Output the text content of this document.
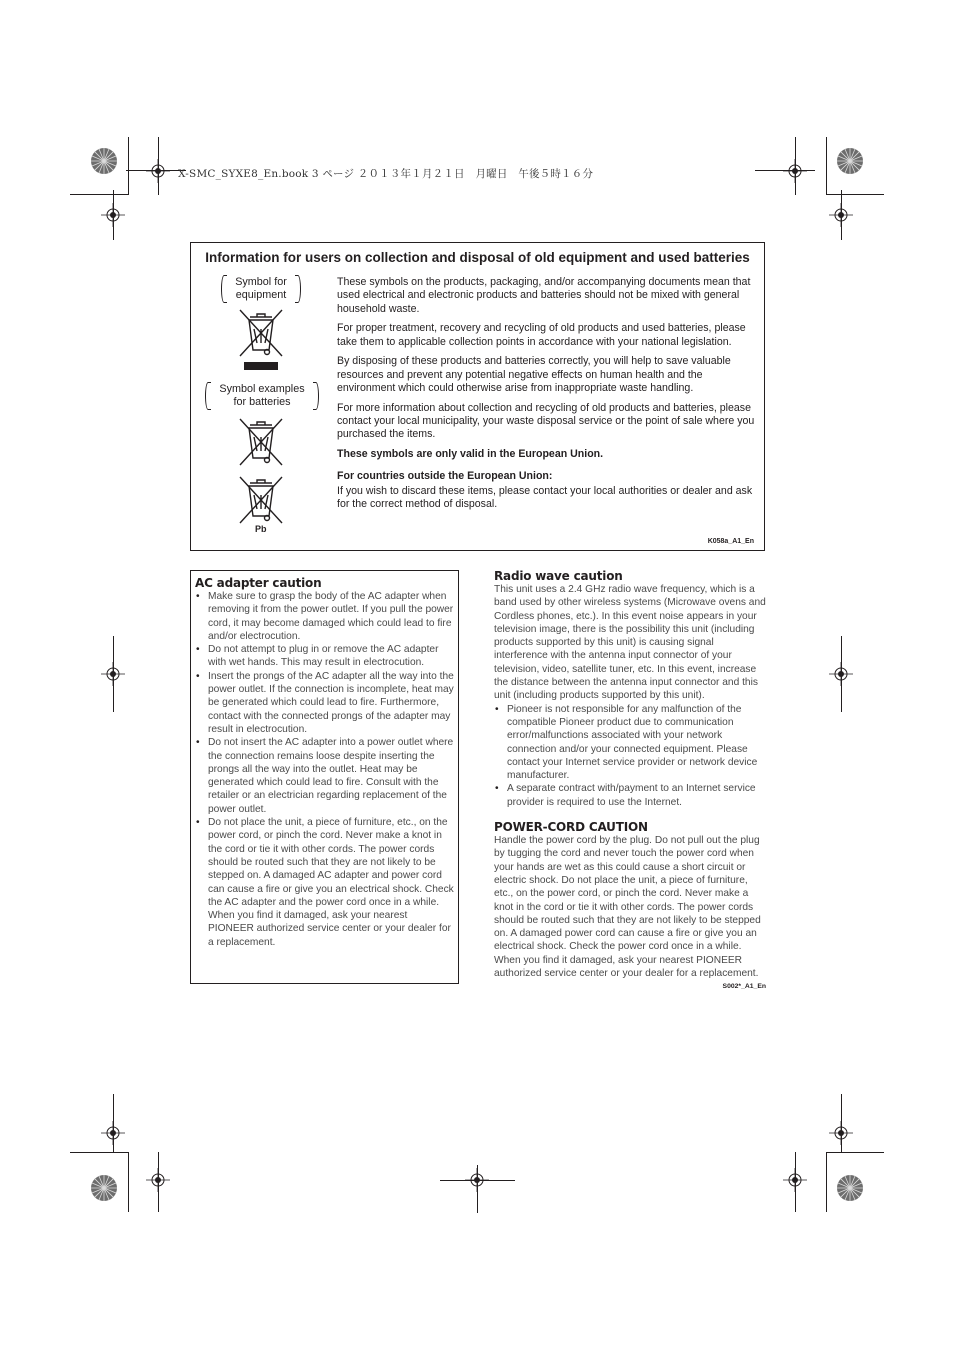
X-SMC_SYXE8_En.book 3 ページ ２０１３年１月２１日　月曜日　午後５時１６分
Information for users on collection and disposal of old equipment and used batteries
Symbol for
equipment
Symbol examples
for batteries
Pb

These symbols on the products, packaging, and/or accompanying documents mean that used electrical and electronic products and batteries should not be mixed with general household waste.

For proper treatment, recovery and recycling of old products and used batteries, please take them to applicable collection points in accordance with your national legislation.

By disposing of these products and batteries correctly, you will help to save valuable resources and prevent any potential negative effects on human health and the environment which could otherwise arise from inappropriate waste handling.

For more information about collection and recycling of old products and batteries, please contact your local municipality, your waste disposal service or the point of sale where you purchased the items.

These symbols are only valid in the European Union.

For countries outside the European Union:

If you wish to discard these items, please contact your local authorities or dealer and ask for the correct method of disposal.

K058a_A1_En
AC adapter caution
• Make sure to grasp the body of the AC adapter when removing it from the power outlet. If you pull the power cord, it may become damaged which could lead to fire and/or electrocution.
• Do not attempt to plug in or remove the AC adapter with wet hands. This may result in electrocution.
• Insert the prongs of the AC adapter all the way into the power outlet. If the connection is incomplete, heat may be generated which could lead to fire. Furthermore, contact with the connected prongs of the adapter may result in electrocution.
• Do not insert the AC adapter into a power outlet where the connection remains loose despite inserting the prongs all the way into the outlet. Heat may be generated which could lead to fire. Consult with the retailer or an electrician regarding replacement of the power outlet.
• Do not place the unit, a piece of furniture, etc., on the power cord, or pinch the cord. Never make a knot in the cord or tie it with other cords. The power cords should be routed such that they are not likely to be stepped on. A damaged AC adapter and power cord can cause a fire or give you an electrical shock. Check the AC adapter and the power cord once in a while. When you find it damaged, ask your nearest PIONEER authorized service center or your dealer for a replacement.
Radio wave caution
This unit uses a 2.4 GHz radio wave frequency, which is a band used by other wireless systems (Microwave ovens and Cordless phones, etc.). In this event noise appears in your television image, there is the possibility this unit (including products supported by this unit) is causing signal interference with the antenna input connector of your television, video, satellite tuner, etc. In this event, increase the distance between the antenna input connector and this unit (including products supported by this unit).
• Pioneer is not responsible for any malfunction of the compatible Pioneer product due to communication error/malfunctions associated with your network connection and/or your connected equipment. Please contact your Internet service provider or network device manufacturer.
• A separate contract with/payment to an Internet service provider is required to use the Internet.
POWER-CORD CAUTION
Handle the power cord by the plug. Do not pull out the plug by tugging the cord and never touch the power cord when your hands are wet as this could cause a short circuit or electric shock. Do not place the unit, a piece of furniture, etc., on the power cord, or pinch the cord. Never make a knot in the cord or tie it with other cords. The power cords should be routed such that they are not likely to be stepped on. A damaged power cord can cause a fire or give you an electrical shock. Check the power cord once in a while. When you find it damaged, ask your nearest PIONEER authorized service center or your dealer for a replacement.
S002*_A1_En
